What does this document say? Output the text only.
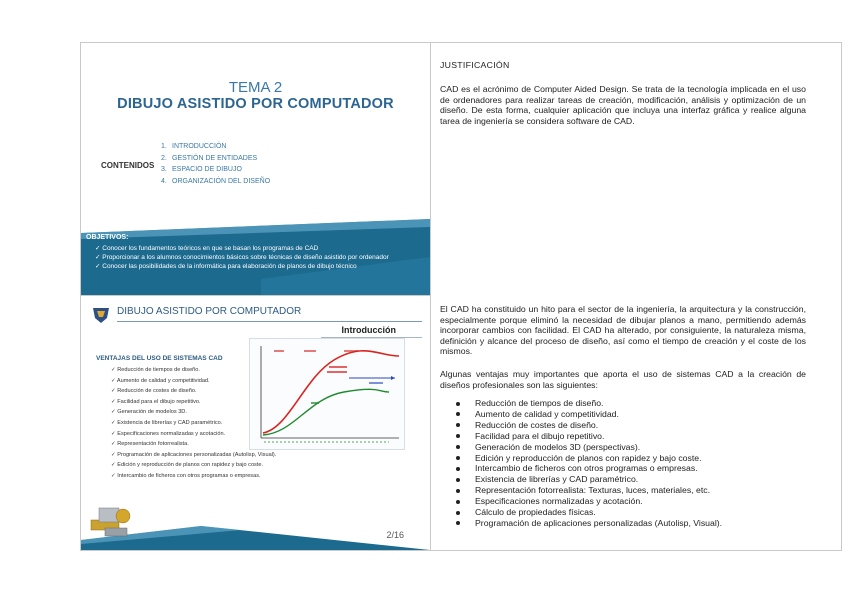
TEMA 2
DIBUJO ASISTIDO POR COMPUTADOR
CONTENIDOS
1. INTRODUCCIÓN
2. GESTIÓN DE ENTIDADES
3. ESPACIO DE DIBUJO
4. ORGANIZACIÓN DEL DISEÑO
OBJETIVOS:
✓ Conocer los fundamentos teóricos en que se basan los programas de CAD
✓ Proporcionar a los alumnos conocimientos básicos sobre técnicas de diseño asistido por ordenador
✓ Conocer las posibilidades de la informática para elaboración de planos de dibujo técnico
DIBUJO ASISTIDO POR COMPUTADOR
Introducción
VENTAJAS DEL USO DE SISTEMAS CAD
✓ Reducción de tiempos de diseño.
✓ Aumento de calidad y competitividad.
✓ Reducción de costes de diseño.
✓ Facilidad para el dibujo repetitivo.
✓ Generación de modelos 3D.
✓ Existencia de librerías y CAD paramétrico.
✓ Especificaciones normalizadas y acotación.
✓ Representación fotorrealista.
✓ Programación de aplicaciones personalizadas (Autolisp, Visual).
✓ Edición y reproducción de planos con rapidez y bajo coste.
✓ Intercambio de ficheros con otros programas o empresas.
2/16
JUSTIFICACIÓN

CAD es el acrónimo de Computer Aided Design. Se trata de la tecnología implicada en el uso de ordenadores para realizar tareas de creación, modificación, análisis y optimización de un diseño. De esta forma, cualquier aplicación que incluya una interfaz gráfica y realice alguna tarea de ingeniería se considera software de CAD.

El CAD ha constituido un hito para el sector de la ingeniería, la arquitectura y la construcción, especialmente porque eliminó la necesidad de dibujar planos a mano, permitiendo además incorporar cambios con facilidad. El CAD ha alterado, por consiguiente, la naturaleza misma, definición y alcance del proceso de diseño, así como el tiempo de creación y el coste de los mismos.

Algunas ventajas muy importantes que aporta el uso de sistemas CAD a la creación de diseños profesionales son las siguientes:

Reducción de tiempos de diseño.
Aumento de calidad y competitividad.
Reducción de costes de diseño.
Facilidad para el dibujo repetitivo.
Generación de modelos 3D (perspectivas).
Edición y reproducción de planos con rapidez y bajo coste.
Intercambio de ficheros con otros programas o empresas.
Existencia de librerías y CAD paramétrico.
Representación fotorrealista: Texturas, luces, materiales, etc.
Especificaciones normalizadas y acotación.
Cálculo de propiedades físicas.
Programación de aplicaciones personalizadas (Autolisp, Visual).
